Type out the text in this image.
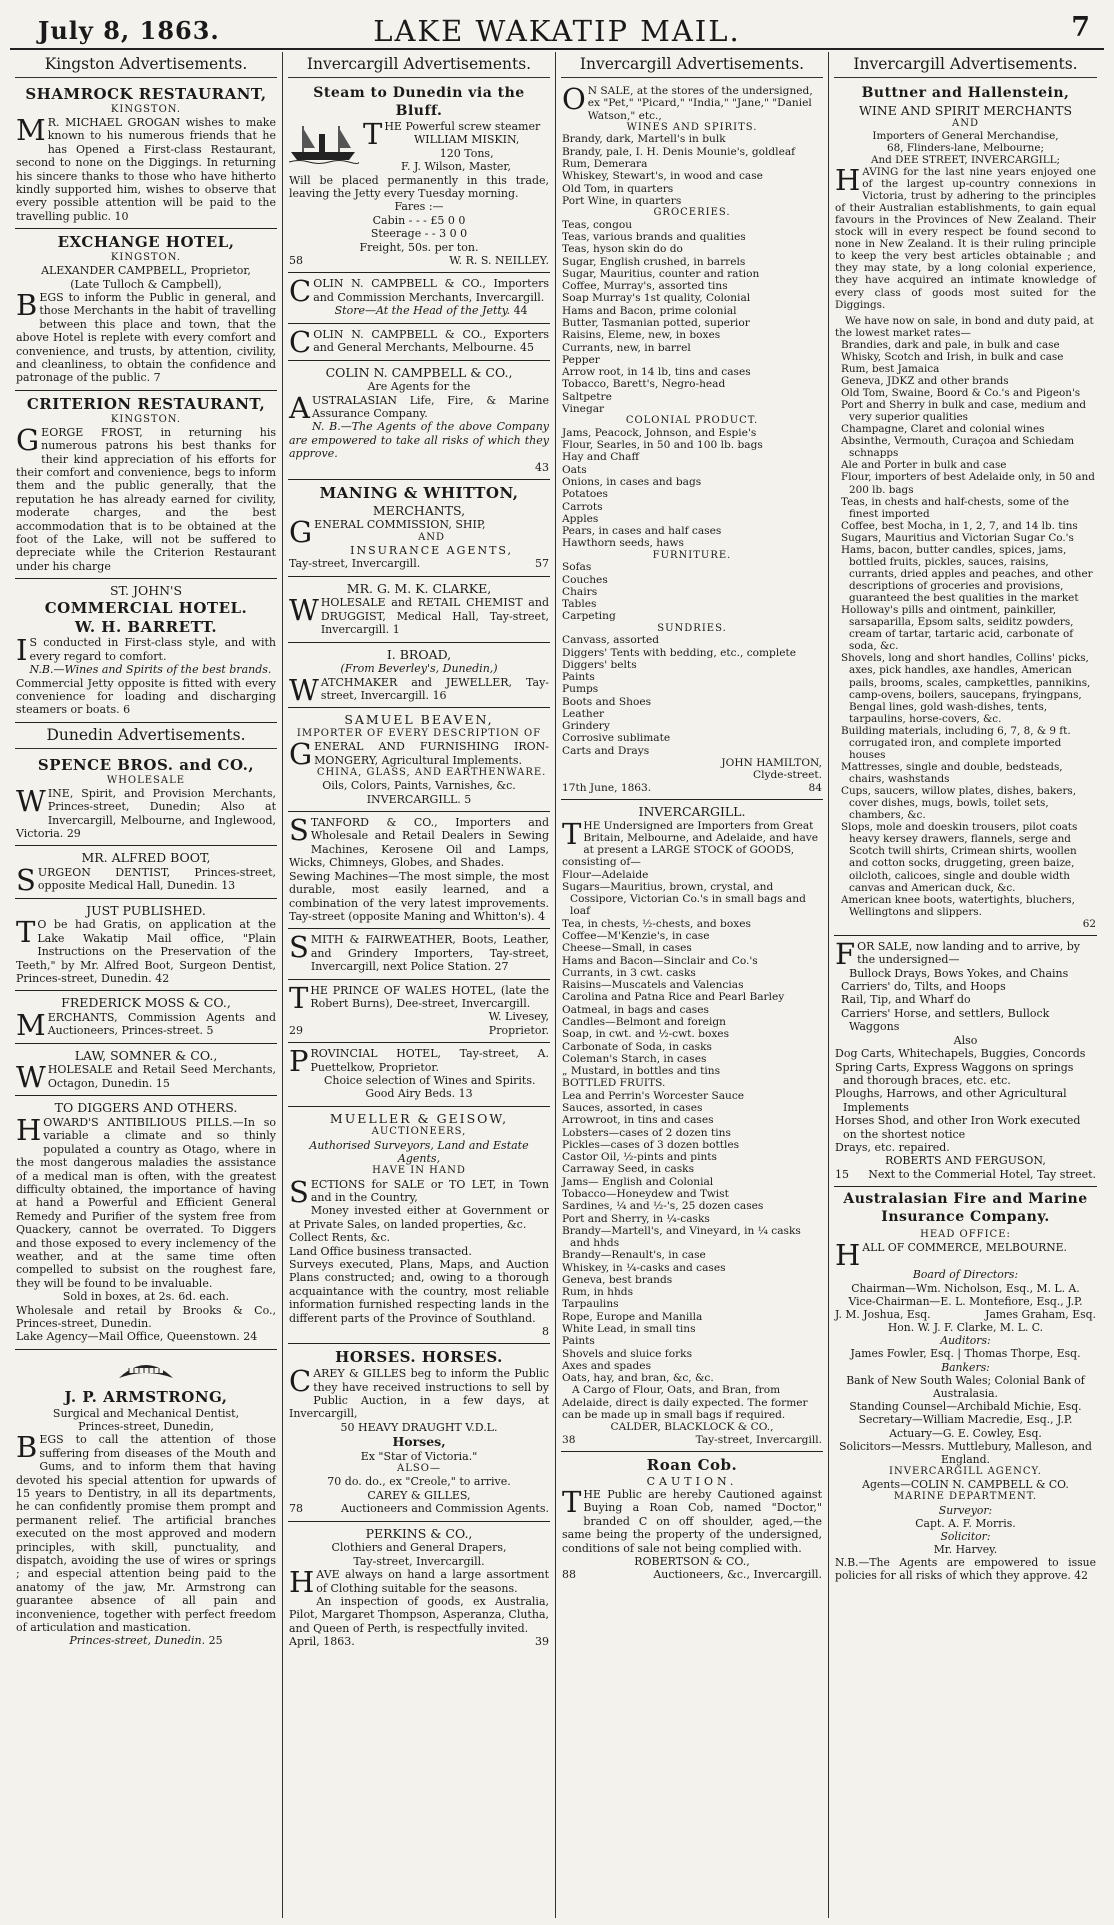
LAKE WAKATIP MAIL.
July 8, 1863.	7
Kingston Advertisements.
SHAMROCK RESTAURANT,
KINGSTON.

M R. MICHAEL GROGAN wishes to make known to his numerous friends that he has Opened a First-class Restaurant, second to none on the Diggings. In returning his sincere thanks to those who have hitherto kindly supported him, wishes to observe that every possible attention will be paid to the travelling public. 10

EXCHANGE HOTEL,
KINGSTON.
ALEXANDER CAMPBELL, Proprietor,
(Late Tulloch & Campbell),

BEGS to inform the Public in general, and those Merchants in the habit of travelling between this place and town, that the above Hotel is replete with every comfort and convenience, and trusts, by attention, civility, and cleanliness, to obtain the confidence and patronage of the public. 7

CRITERION RESTAURANT,
KINGSTON.

GEORGE FROST, in returning his numerous patrons his best thanks for their kind appreciation of his efforts for their comfort and convenience, begs to inform them and the public generally, that the reputation he has already earned for civility, moderate charges, and the best accommodation that is to be obtained at the foot of the Lake, will not be suffered to depreciate while the Criterion Restaurant under his charge

ST. JOHN'S
COMMERCIAL HOTEL.
W. H. BARRETT.

I S conducted in First-class style, and with every regard to comfort.

N.B.—Wines and Spirits of the best brands.

Commercial Jetty opposite is fitted with every convenience for loading and discharging steamers or boats. 6

Dunedin Advertisements.
SPENCE BROS. and CO.,
WHOLESALE

WINE, Spirit, and Provision Merchants, Princes-street, Dunedin; Also at Invercargill, Melbourne, and Inglewood, Victoria. 29

MR. ALFRED BOOT,

SURGEON DENTIST, Princes-street, opposite Medical Hall, Dunedin. 13

JUST PUBLISHED.

T O be had Gratis, on application at the Lake Wakatip Mail office, "Plain Instructions on the Preservation of the Teeth," by Mr. Alfred Boot, Surgeon Dentist, Princes-street, Dunedin. 42

FREDERICK MOSS & CO.,

MERCHANTS, Commission Agents and Auctioneers, Princes-street. 5

LAW, SOMNER & CO.,

WHOLESALE and Retail Seed Merchants, Octagon, Dunedin. 15

TO DIGGERS AND OTHERS.

HOWARD'S ANTIBILIOUS PILLS.—In so variable a climate and so thinly populated a country as Otago, where in the most dangerous maladies the assistance of a medical man is often, with the greatest difficulty obtained, the importance of having at hand a Powerful and Efficient General Remedy and Purifier of the system free from Quackery, cannot be overrated. To Diggers and those exposed to every inclemency of the weather, and at the same time often compelled to subsist on the roughest fare, they will be found to be invaluable.

Sold in boxes, at 2s. 6d. each.

Wholesale and retail by Brooks & Co., Princes-street, Dunedin.

Lake Agency—Mail Office, Queenstown. 24

J. P. ARMSTRONG,
Surgical and Mechanical Dentist,
Princes-street, Dunedin,

BEGS to call the attention of those suffering from diseases of the Mouth and Gums, and to inform them that having devoted his special attention for upwards of 15 years to Dentistry, in all its departments, he can confidently promise them prompt and permanent relief. The artificial branches executed on the most approved and modern principles, with skill, punctuality, and dispatch, avoiding the use of wires or springs ; and especial attention being paid to the anatomy of the jaw, Mr. Armstrong can guarantee absence of all pain and inconvenience, together with perfect freedom of articulation and mastication.

Princes-street, Dunedin. 25

Invercargill Advertisements.
Steam to Dunedin via the Bluff.

THE Powerful screw steamer

WILLIAM MISKIN,
120 Tons,
F. J. Wilson, Master,

Will be placed permanently in this trade, leaving the Jetty every Tuesday morning.

Fares :—
Cabin - - - £5 0 0
Steerage - - 3 0 0
Freight, 50s. per ton.
58	W. R. S. NEILLEY.

COLIN N. CAMPBELL & CO., Importers and Commission Merchants, Invercargill.

Store—At the Head of the Jetty. 44

COLIN N. CAMPBELL & CO., Exporters and General Merchants, Melbourne. 45

COLIN N. CAMPBELL & CO.,
Are Agents for the

AUSTRALASIAN Life, Fire, & Marine Assurance Company.

N. B.—The Agents of the above Company are empowered to take all risks of which they approve.

43

MANING & WHITTON,
MERCHANTS,

GENERAL COMMISSION, SHIP,

AND
INSURANCE AGENTS,
Tay-street, Invercargill.	57
MR. G. M. K. CLARKE,

WHOLESALE and RETAIL CHEMIST and DRUGGIST, Medical Hall, Tay-street, Invercargill. 1

I. BROAD,
(From Beverley's, Dunedin,)

WATCHMAKER and JEWELLER, Tay-street, Invercargill. 16

SAMUEL BEAVEN,
IMPORTER OF EVERY DESCRIPTION OF

GENERAL AND FURNISHING IRON-MONGERY, Agricultural Implements.

CHINA, GLASS, AND EARTHENWARE.
Oils, Colors, Paints, Varnishes, &c.
INVERCARGILL. 5

STANFORD & CO., Importers and Wholesale and Retail Dealers in Sewing Machines, Kerosene Oil and Lamps, Wicks, Chimneys, Globes, and Shades.

Sewing Machines—The most simple, the most durable, most easily learned, and a combination of the very latest improvements. Tay-street (opposite Maning and Whitton's). 4

SMITH & FAIRWEATHER, Boots, Leather, and Grindery Importers, Tay-street, Invercargill, next Police Station. 27

THE PRINCE OF WALES HOTEL, (late the Robert Burns), Dee-street, Invercargill.

W. Livesey,

29	Proprietor.

PROVINCIAL HOTEL, Tay-street, A. Puettelkow, Proprietor.

Choice selection of Wines and Spirits.
Good Airy Beds. 13
MUELLER & GEISOW,
AUCTIONEERS,
Authorised Surveyors, Land and Estate Agents,
HAVE IN HAND

SECTIONS for SALE or TO LET, in Town and in the Country,

Money invested either at Government or at Private Sales, on landed properties, &c.

Collect Rents, &c.

Land Office business transacted.

Surveys executed, Plans, Maps, and Auction Plans constructed; and, owing to a thorough acquaintance with the country, most reliable information furnished respecting lands in the different parts of the Province of Southland.

8

HORSES. HORSES.

CAREY & GILLES beg to inform the Public they have received instructions to sell by Public Auction, in a few days, at Invercargill,

50 HEAVY DRAUGHT V.D.L.
Horses,
Ex "Star of Victoria."
ALSO—
70 do. do., ex "Creole," to arrive.
CAREY & GILLES,
78	Auctioneers and Commission Agents.
PERKINS & CO.,
Clothiers and General Drapers,
Tay-street, Invercargill.

HAVE always on hand a large assortment of Clothing suitable for the seasons.

An inspection of goods, ex Australia, Pilot, Margaret Thompson, Asperanza, Clutha, and Queen of Perth, is respectfully invited.

April, 1863.	39
Invercargill Advertisements.

O N SALE, at the stores of the undersigned, ex "Pet," "Picard," "India," "Jane," "Daniel Watson," etc.,

WINES AND SPIRITS.

Brandy, dark, Martell's in bulk

Brandy, pale, I. H. Denis Mounie's, goldleaf

Rum, Demerara

Whiskey, Stewart's, in wood and case

Old Tom, in quarters

Port Wine, in quarters

GROCERIES.

Teas, congou

Teas, various brands and qualities

Teas, hyson skin do do

Sugar, English crushed, in barrels

Sugar, Mauritius, counter and ration

Coffee, Murray's, assorted tins

Soap Murray's 1st quality, Colonial

Hams and Bacon, prime colonial

Butter, Tasmanian potted, superior

Raisins, Eleme, new, in boxes

Currants, new, in barrel

Pepper

Arrow root, in 14 lb, tins and cases

Tobacco, Barett's, Negro-head

Saltpetre

Vinegar

COLONIAL PRODUCT.

Jams, Peacock, Johnson, and Espie's

Flour, Searles, in 50 and 100 lb. bags

Hay and Chaff

Oats

Onions, in cases and bags

Potatoes

Carrots

Apples

Pears, in cases and half cases

Hawthorn seeds, haws

FURNITURE.

Sofas

Couches

Chairs

Tables

Carpeting

SUNDRIES.

Canvass, assorted

Diggers' Tents with bedding, etc., complete

Diggers' belts

Paints

Pumps

Boots and Shoes

Leather

Grindery

Corrosive sublimate

Carts and Drays

JOHN HAMILTON,
Clyde-street.
17th June, 1863.	84
INVERCARGILL.

THE Undersigned are Importers from Great Britain, Melbourne, and Adelaide, and have at present a LARGE STOCK of GOODS, consisting of—

Flour—Adelaide

Sugars—Mauritius, brown, crystal, and Cossipore, Victorian Co.'s in small bags and loaf

Tea, in chests, ½-chests, and boxes

Coffee—M'Kenzie's, in case

Cheese—Small, in cases

Hams and Bacon—Sinclair and Co.'s

Currants, in 3 cwt. casks

Raisins—Muscatels and Valencias

Carolina and Patna Rice and Pearl Barley

Oatmeal, in bags and cases

Candles—Belmont and foreign

Soap, in cwt. and ½-cwt. boxes

Carbonate of Soda, in casks

Coleman's Starch, in cases

„ Mustard, in bottles and tins

BOTTLED FRUITS.

Lea and Perrin's Worcester Sauce

Sauces, assorted, in cases

Arrowroot, in tins and cases

Lobsters—cases of 2 dozen tins

Pickles—cases of 3 dozen bottles

Castor Oil, ½-pints and pints

Carraway Seed, in casks

Jams— English and Colonial

Tobacco—Honeydew and Twist

Sardines, ¼ and ½-'s, 25 dozen cases

Port and Sherry, in ¼-casks

Brandy—Martell's, and Vineyard, in ¼ casks and hhds

Brandy—Renault's, in case

Whiskey, in ¼-casks and cases

Geneva, best brands

Rum, in hhds

Tarpaulins

Rope, Europe and Manilla

White Lead, in small tins

Paints

Shovels and sluice forks

Axes and spades

Oats, hay, and bran, &c, &c.

A Cargo of Flour, Oats, and Bran, from Adelaide, direct is daily expected. The former can be made up in small bags if required.

CALDER, BLACKLOCK & CO.,
38	Tay-street, Invercargill.
Roan Cob.
CAUTION.

THE Public are hereby Cautioned against Buying a Roan Cob, named "Doctor," branded C on off shoulder, aged,—the same being the property of the undersigned, conditions of sale not being complied with.

ROBERTSON & CO.,
88	Auctioneers, &c., Invercargill.
Invercargill Advertisements.
Buttner and Hallenstein,
WINE AND SPIRIT MERCHANTS
AND
Importers of General Merchandise,
68, Flinders-lane, Melbourne;
And DEE STREET, INVERCARGILL;

HAVING for the last nine years enjoyed one of the largest up-country connexions in Victoria, trust by adhering to the principles of their Australian establishments, to gain equal favours in the Provinces of New Zealand. Their stock will in every respect be found second to none in New Zealand. It is their ruling principle to keep the very best articles obtainable ; and they may state, by a long colonial experience, they have acquired an intimate knowledge of every class of goods most suited for the Diggings.

We have now on sale, in bond and duty paid, at the lowest market rates—

Brandies, dark and pale, in bulk and case

Whisky, Scotch and Irish, in bulk and case

Rum, best Jamaica

Geneva, JDKZ and other brands

Old Tom, Swaine, Boord & Co.'s and Pigeon's

Port and Sherry in bulk and case, medium and very superior qualities

Champagne, Claret and colonial wines

Absinthe, Vermouth, Curaçoa and Schiedam schnapps

Ale and Porter in bulk and case

Flour, importers of best Adelaide only, in 50 and 200 lb. bags

Teas, in chests and half-chests, some of the finest imported

Coffee, best Mocha, in 1, 2, 7, and 14 lb. tins

Sugars, Mauritius and Victorian Sugar Co.'s

Hams, bacon, butter candles, spices, jams, bottled fruits, pickles, sauces, raisins, currants, dried apples and peaches, and other descriptions of groceries and provisions, guaranteed the best qualities in the market

Holloway's pills and ointment, painkiller, sarsaparilla, Epsom salts, seiditz powders, cream of tartar, tartaric acid, carbonate of soda, &c.

Shovels, long and short handles, Collins' picks, axes, pick handles, axe handles, American pails, brooms, scales, campkettles, pannikins, camp-ovens, boilers, saucepans, fryingpans, Bengal lines, gold wash-dishes, tents, tarpaulins, horse-covers, &c.

Building materials, including 6, 7, 8, & 9 ft. corrugated iron, and complete imported houses

Mattresses, single and double, bedsteads, chairs, washstands

Cups, saucers, willow plates, dishes, bakers, cover dishes, mugs, bowls, toilet sets, chambers, &c.

Slops, mole and doeskin trousers, pilot coats heavy kersey drawers, flannels, serge and Scotch twill shirts, Crimean shirts, woollen and cotton socks, druggeting, green baize, oilcloth, calicoes, single and double width canvas and American duck, &c.

American knee boots, watertights, bluchers, Wellingtons and slippers.

62

FOR SALE, now landing and to arrive, by the undersigned—

Bullock Drays, Bows Yokes, and Chains

Carriers' do, Tilts, and Hoops

Rail, Tip, and Wharf do

Carriers' Horse, and settlers, Bullock Waggons

Also

Dog Carts, Whitechapels, Buggies, Concords

Spring Carts, Express Waggons on springs and thorough braces, etc. etc.

Ploughs, Harrows, and other Agricultural Implements

Horses Shod, and other Iron Work executed on the shortest notice

Drays, etc. repaired.

ROBERTS AND FERGUSON,
15 Next to the Commerial Hotel, Tay street.
Australasian Fire and Marine Insurance Company.
HEAD OFFICE:

HALL OF COMMERCE, MELBOURNE.

Board of Directors:
Chairman—Wm. Nicholson, Esq., M. L. A.
Vice-Chairman—E. L. Montefiore, Esq., J.P.
J. M. Joshua, Esq.	James Graham, Esq.
Hon. W. J. F. Clarke, M. L. C.
Auditors:
James Fowler, Esq. | Thomas Thorpe, Esq.
Bankers:
Bank of New South Wales; Colonial Bank of Australasia.
Standing Counsel—Archibald Michie, Esq.
Secretary—William Macredie, Esq., J.P.
Actuary—G. E. Cowley, Esq.
Solicitors—Messrs. Muttlebury, Malleson, and England.
INVERCARGILL AGENCY.
Agents—COLIN N. CAMPBELL & CO.
MARINE DEPARTMENT.
Surveyor:
Capt. A. F. Morris.
Solicitor:
Mr. Harvey.

N.B.—The Agents are empowered to issue policies for all risks of which they approve. 42
